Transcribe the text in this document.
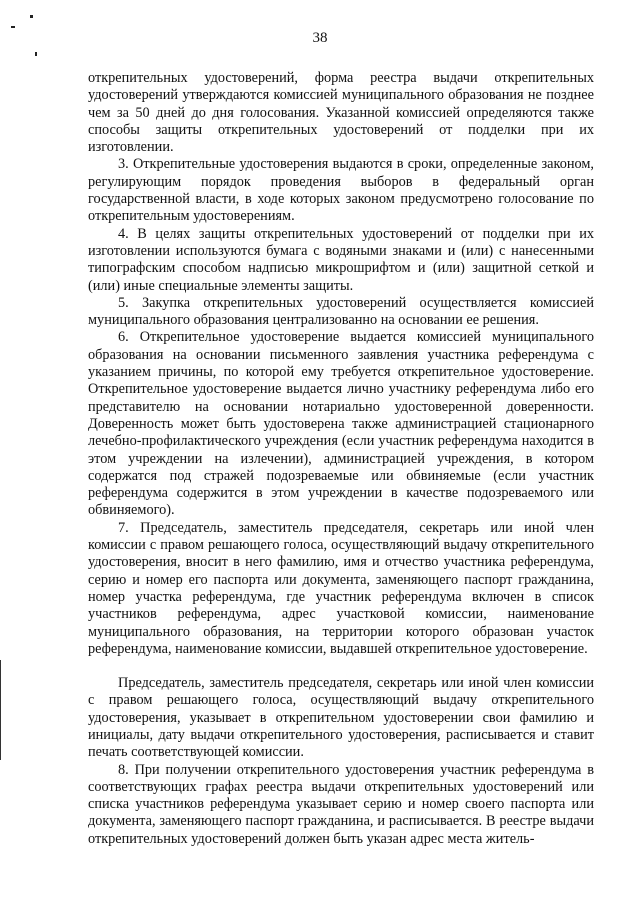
38

открепительных удостоверений, форма реестра выдачи открепительных удостоверений утверждаются комиссией муниципального образования не позднее чем за 50 дней до дня голосования. Указанной комиссией определяются также способы защиты открепительных удостоверений от подделки при их изготовлении.

3. Открепительные удостоверения выдаются в сроки, определенные законом, регулирующим порядок проведения выборов в федеральный орган государственной власти, в ходе которых законом предусмотрено голосование по открепительным удостоверениям.

4. В целях защиты открепительных удостоверений от подделки при их изготовлении используются бумага с водяными знаками и (или) с нанесенными типографским способом надписью микрошрифтом и (или) защитной сеткой и (или) иные специальные элементы защиты.

5. Закупка открепительных удостоверений осуществляется комиссией муниципального образования централизованно на основании ее решения.

6. Открепительное удостоверение выдается комиссией муниципального образования на основании письменного заявления участника референдума с указанием причины, по которой ему требуется открепительное удостоверение. Открепительное удостоверение выдается лично участнику референдума либо его представителю на основании нотариально удостоверенной доверенности. Доверенность может быть удостоверена также администрацией стационарного лечебно-профилактического учреждения (если участник референдума находится в этом учреждении на излечении), администрацией учреждения, в котором содержатся под стражей подозреваемые или обвиняемые (если участник референдума содержится в этом учреждении в качестве подозреваемого или обвиняемого).

7. Председатель, заместитель председателя, секретарь или иной член комиссии с правом решающего голоса, осуществляющий выдачу открепительного удостоверения, вносит в него фамилию, имя и отчество участника референдума, серию и номер его паспорта или документа, заменяющего паспорт гражданина, номер участка референдума, где участник референдума включен в список участников референдума, адрес участковой комиссии, наименование муниципального образования, на территории которого образован участок референдума, наименование комиссии, выдавшей открепительное удостоверение.

Председатель, заместитель председателя, секретарь или иной член комиссии с правом решающего голоса, осуществляющий выдачу открепительного удостоверения, указывает в открепительном удостоверении свои фамилию и инициалы, дату выдачи открепительного удостоверения, расписывается и ставит печать соответствующей комиссии.

8. При получении открепительного удостоверения участник референдума в соответствующих графах реестра выдачи открепительных удостоверений или списка участников референдума указывает серию и номер своего паспорта или документа, заменяющего паспорт гражданина, и расписывается. В реестре выдачи открепительных удостоверений должен быть указан адрес места житель-
